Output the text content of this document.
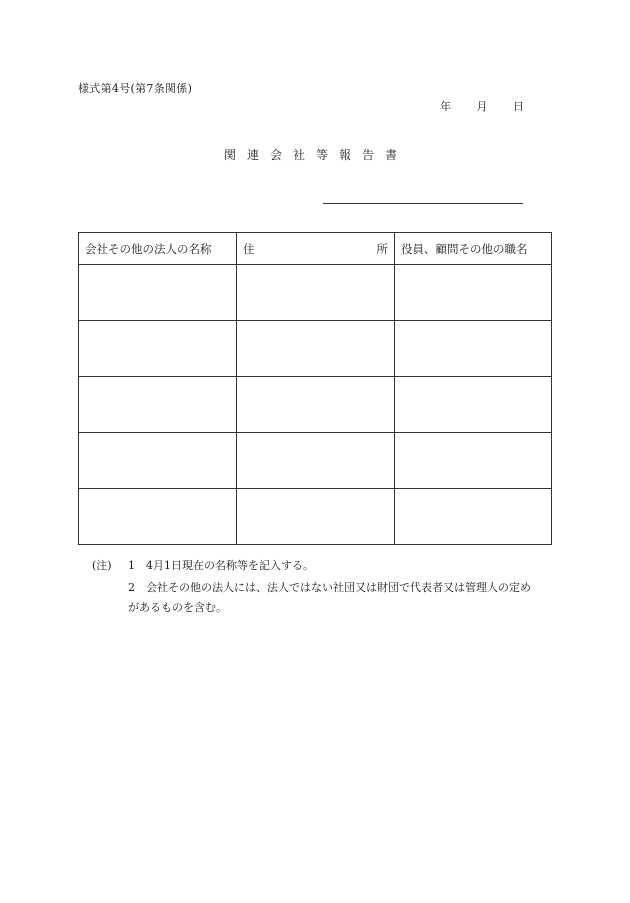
様式第4号(第7条関係)
年 月 日
関連会社等報告書
会社その他の法人の名称	住 所	役員、顧問その他の職名

(注)	1	4月1日現在の名称等を記入する。
2	会社その他の法人には、法人ではない社団又は財団で代表者又は管理人の定め
があるものを含む。
